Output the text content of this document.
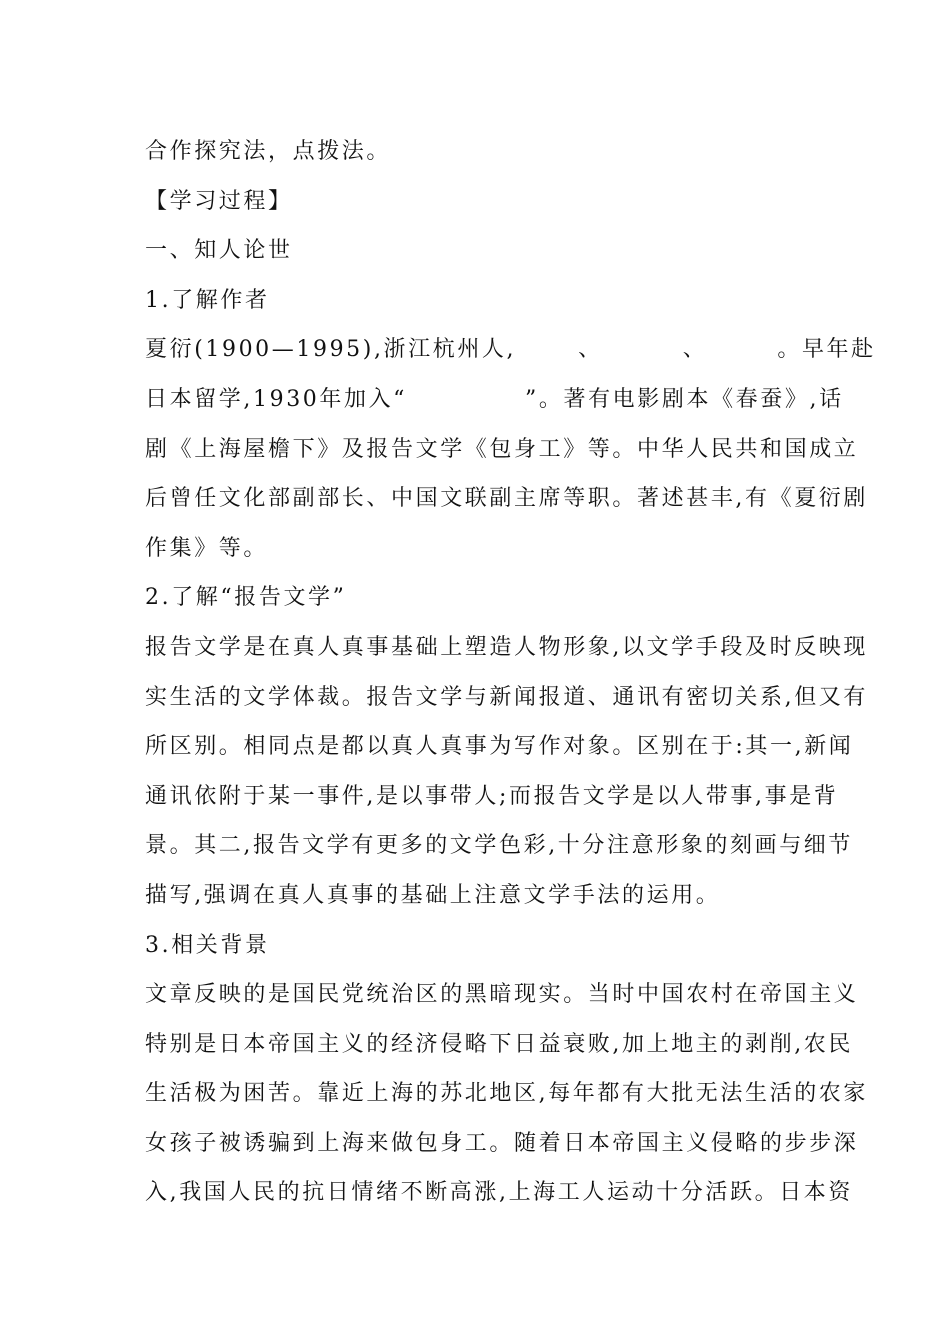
合作探究法，点拨法。
【学习过程】
一、知人论世
1.了解作者
夏衍(1900—1995),浙江杭州人,	、	、	。早年赴
日本留学,1930年加入“	”。著有电影剧本《春蚕》,话
剧《上海屋檐下》及报告文学《包身工》等。中华人民共和国成立
后曾任文化部副部长、中国文联副主席等职。著述甚丰,有《夏衍剧
作集》等。
2.了解“报告文学”
报告文学是在真人真事基础上塑造人物形象,以文学手段及时反映现
实生活的文学体裁。报告文学与新闻报道、通讯有密切关系,但又有
所区别。相同点是都以真人真事为写作对象。区别在于:其一,新闻
通讯依附于某一事件,是以事带人;而报告文学是以人带事,事是背
景。其二,报告文学有更多的文学色彩,十分注意形象的刻画与细节
描写,强调在真人真事的基础上注意文学手法的运用。
3.相关背景
文章反映的是国民党统治区的黑暗现实。当时中国农村在帝国主义
特别是日本帝国主义的经济侵略下日益衰败,加上地主的剥削,农民
生活极为困苦。靠近上海的苏北地区,每年都有大批无法生活的农家
女孩子被诱骗到上海来做包身工。随着日本帝国主义侵略的步步深
入,我国人民的抗日情绪不断高涨,上海工人运动十分活跃。日本资
